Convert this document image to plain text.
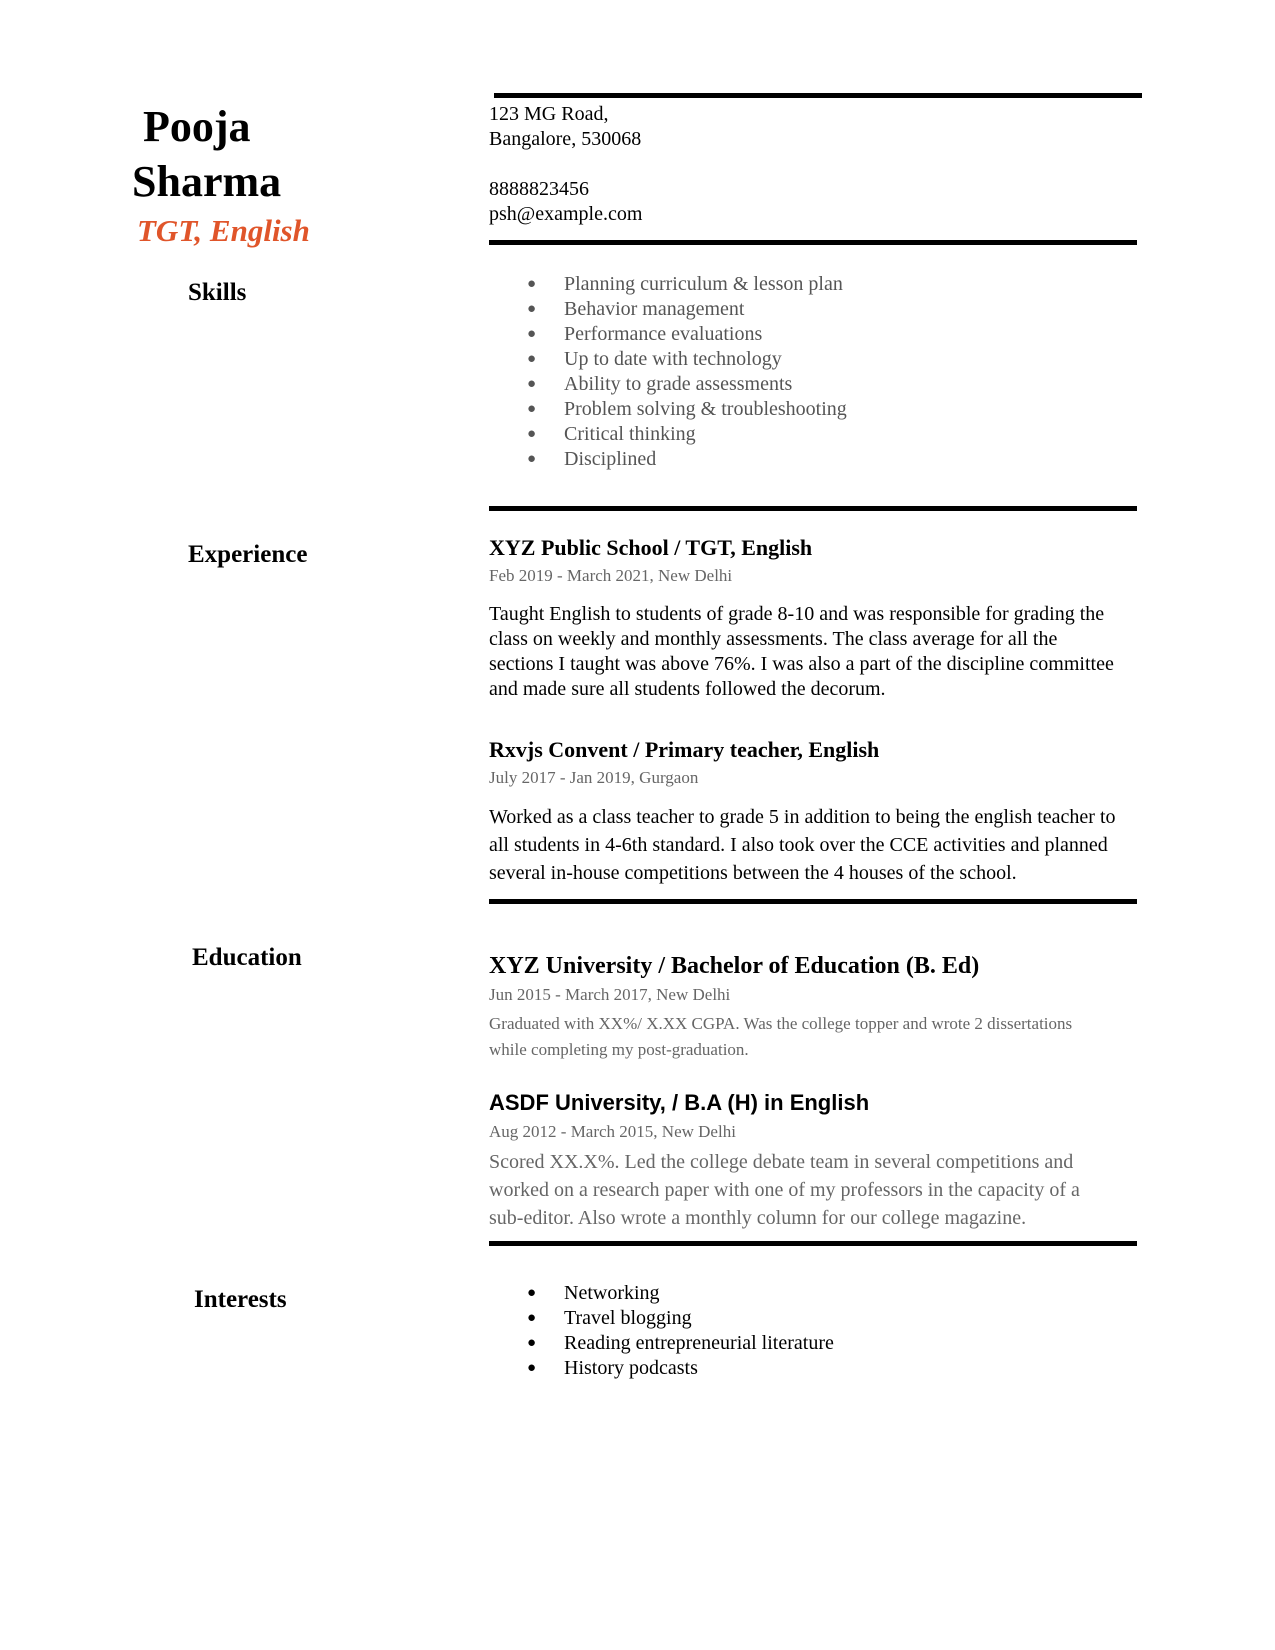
Pooja
Sharma
TGT, English
123 MG Road,
Bangalore, 530068
8888823456
psh@example.com
Skills
Experience
Education
Interests
● Planning curriculum & lesson plan
● Behavior management
● Performance evaluations
● Up to date with technology
● Ability to grade assessments
● Problem solving & troubleshooting
● Critical thinking
● Disciplined
XYZ Public School / TGT, English
Feb 2019 - March 2021, New Delhi
Taught English to students of grade 8-10 and was responsible for grading the
class on weekly and monthly assessments. The class average for all the
sections I taught was above 76%. I was also a part of the discipline committee
and made sure all students followed the decorum.
Rxvjs Convent / Primary teacher, English
July 2017 - Jan 2019, Gurgaon
Worked as a class teacher to grade 5 in addition to being the english teacher to
all students in 4-6th standard. I also took over the CCE activities and planned
several in-house competitions between the 4 houses of the school.
XYZ University / Bachelor of Education (B. Ed)
Jun 2015 - March 2017, New Delhi
Graduated with XX%/ X.XX CGPA. Was the college topper and wrote 2 dissertations
while completing my post-graduation.
ASDF University, / B.A (H) in English
Aug 2012 - March 2015, New Delhi
Scored XX.X%. Led the college debate team in several competitions and
worked on a research paper with one of my professors in the capacity of a
sub-editor. Also wrote a monthly column for our college magazine.
● Networking
● Travel blogging
● Reading entrepreneurial literature
● History podcasts
